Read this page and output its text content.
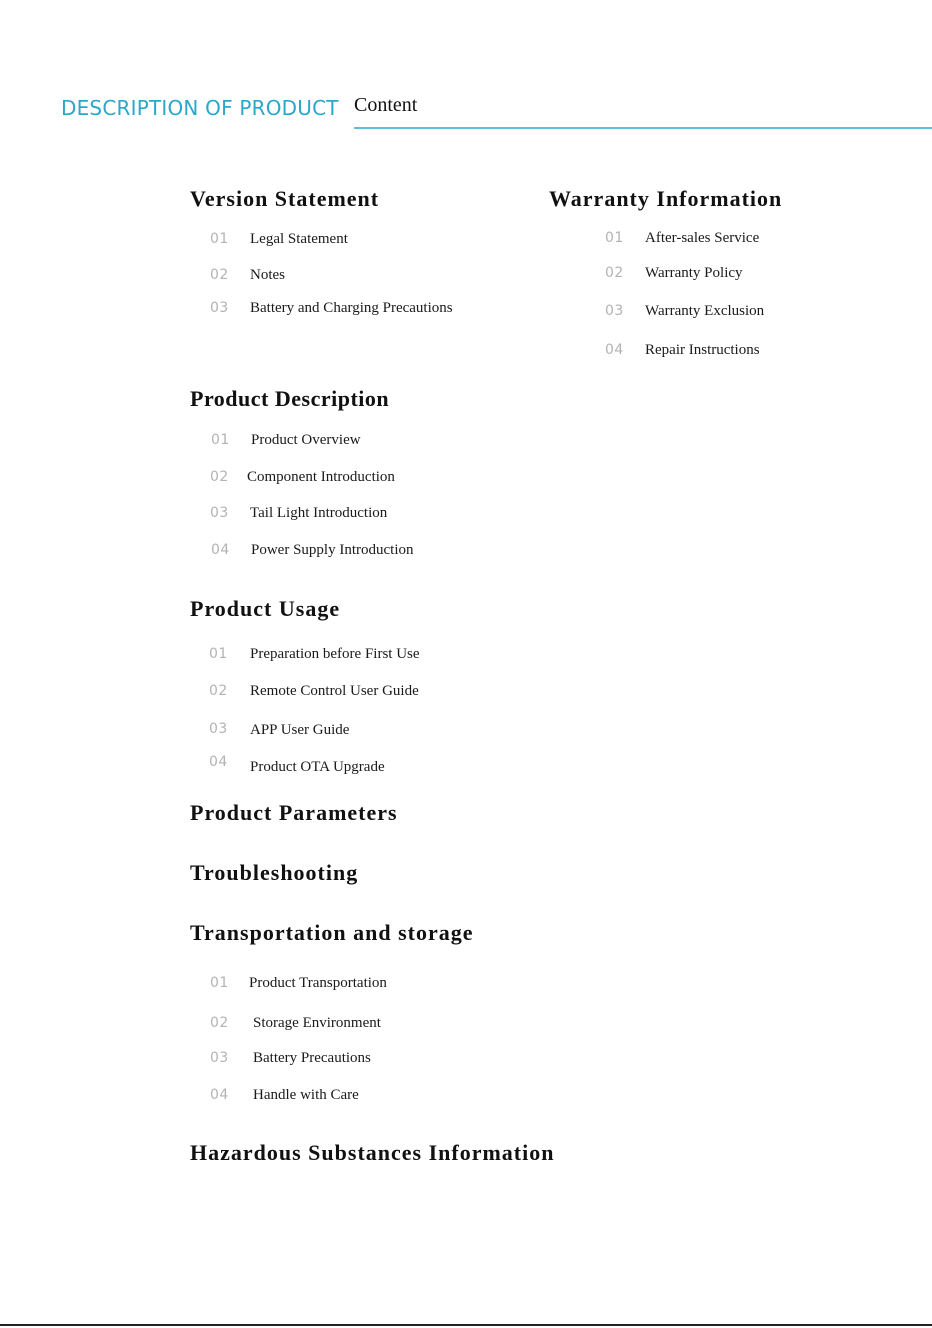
DESCRIPTION OF PRODUCT Content
Version Statement
01 Legal Statement
02 Notes
03 Battery and Charging Precautions
Warranty Information
01 After-sales Service
02 Warranty Policy
03 Warranty Exclusion
04 Repair Instructions
Product Description
01 Product Overview
02 Component Introduction
03 Tail Light Introduction
04 Power Supply Introduction
Product Usage
01 Preparation before First Use
02 Remote Control User Guide
03 APP User Guide
04 Product OTA Upgrade
Product Parameters
Troubleshooting
Transportation and storage
01 Product Transportation
02 Storage Environment
03 Battery Precautions
04 Handle with Care
Hazardous Substances Information
